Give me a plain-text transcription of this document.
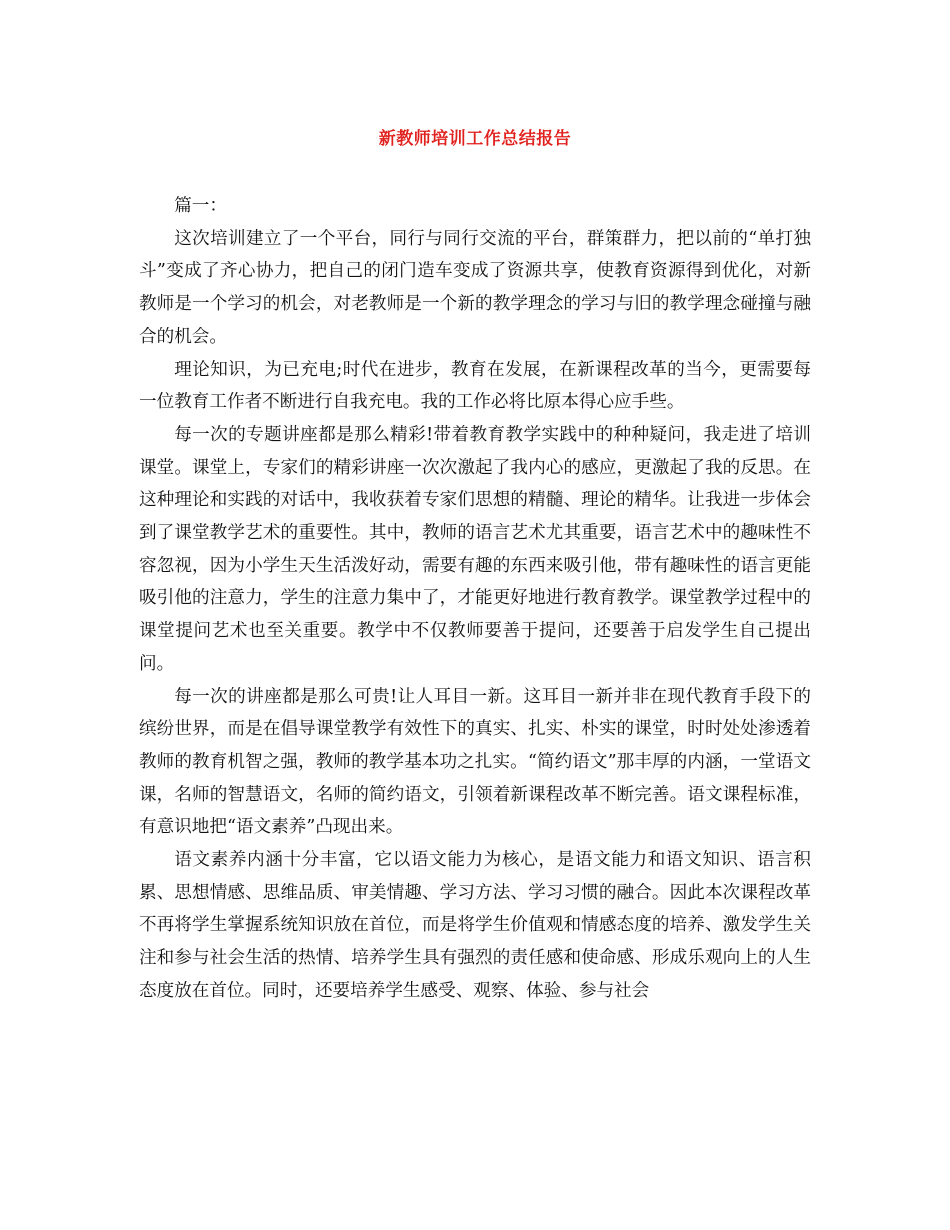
新教师培训工作总结报告

篇一：

这次培训建立了一个平台，同行与同行交流的平台，群策群力，把以前的“单打独斗”变成了齐心协力，把自己的闭门造车变成了资源共享，使教育资源得到优化，对新教师是一个学习的机会，对老教师是一个新的教学理念的学习与旧的教学理念碰撞与融合的机会。

理论知识，为已充电;时代在进步，教育在发展，在新课程改革的当今，更需要每一位教育工作者不断进行自我充电。我的工作必将比原本得心应手些。

每一次的专题讲座都是那么精彩!带着教育教学实践中的种种疑问，我走进了培训课堂。课堂上，专家们的精彩讲座一次次激起了我内心的感应，更激起了我的反思。在这种理论和实践的对话中，我收获着专家们思想的精髓、理论的精华。让我进一步体会到了课堂教学艺术的重要性。其中，教师的语言艺术尤其重要，语言艺术中的趣味性不容忽视，因为小学生天生活泼好动，需要有趣的东西来吸引他，带有趣味性的语言更能吸引他的注意力，学生的注意力集中了，才能更好地进行教育教学。课堂教学过程中的课堂提问艺术也至关重要。教学中不仅教师要善于提问，还要善于启发学生自己提出问。

每一次的讲座都是那么可贵!让人耳目一新。这耳目一新并非在现代教育手段下的缤纷世界，而是在倡导课堂教学有效性下的真实、扎实、朴实的课堂，时时处处渗透着教师的教育机智之强，教师的教学基本功之扎实。“简约语文”那丰厚的内涵，一堂语文课，名师的智慧语文，名师的简约语文，引领着新课程改革不断完善。语文课程标准，有意识地把“语文素养”凸现出来。

语文素养内涵十分丰富，它以语文能力为核心，是语文能力和语文知识、语言积累、思想情感、思维品质、审美情趣、学习方法、学习习惯的融合。因此本次课程改革不再将学生掌握系统知识放在首位，而是将学生价值观和情感态度的培养、激发学生关注和参与社会生活的热情、培养学生具有强烈的责任感和使命感、形成乐观向上的人生态度放在首位。同时，还要培养学生感受、观察、体验、参与社会
